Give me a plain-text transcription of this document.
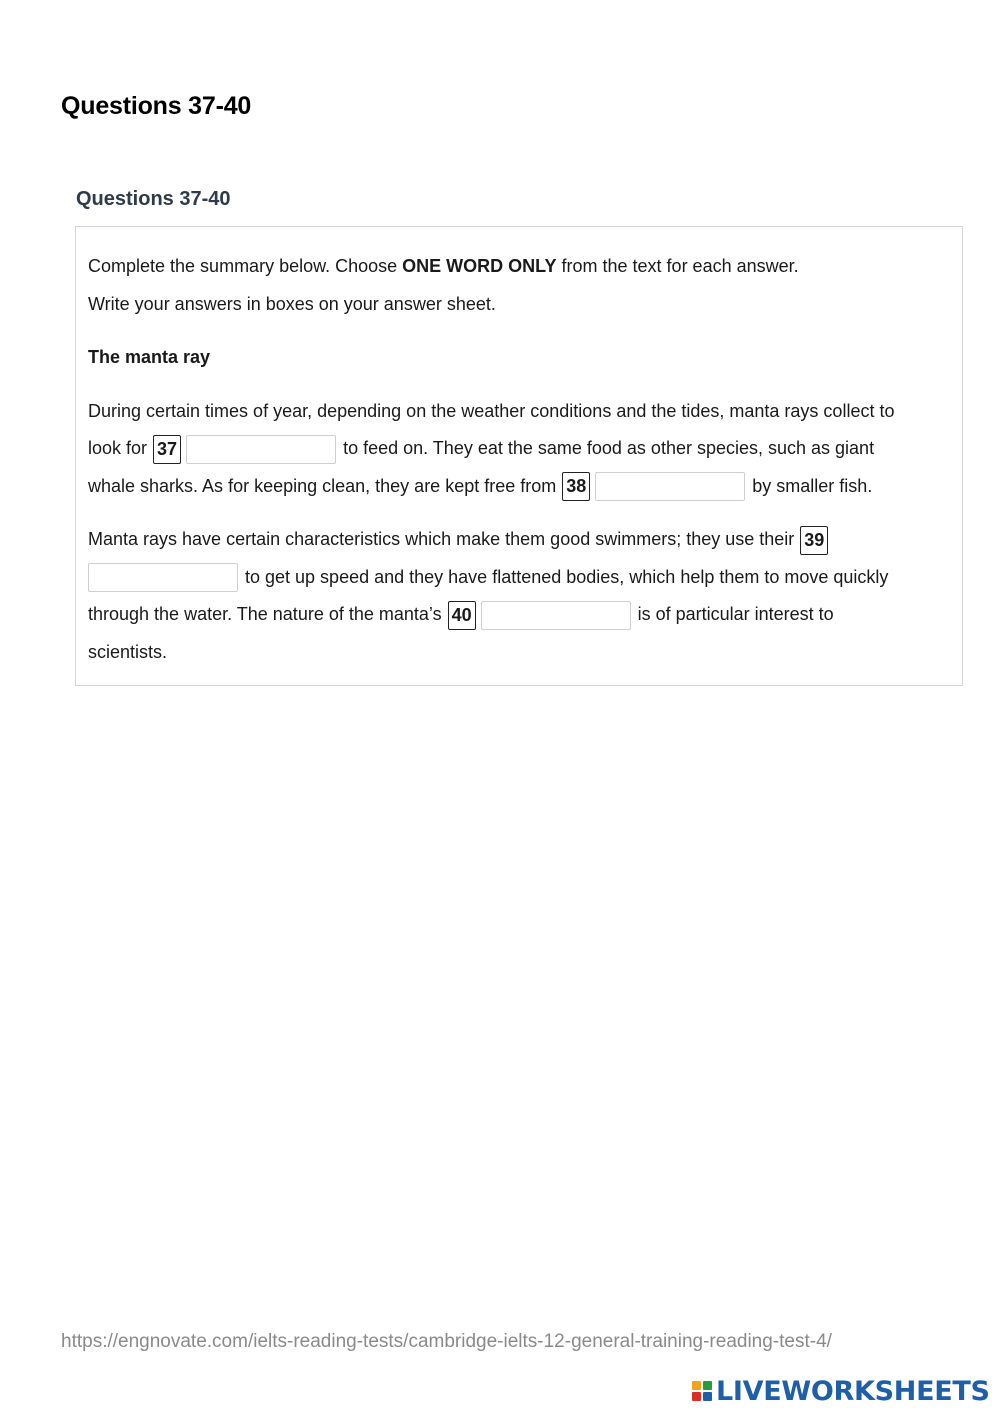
Questions 37-40
Questions 37-40

Complete the summary below. Choose ONE WORD ONLY from the text for each answer.

Write your answers in boxes on your answer sheet.

The manta ray

During certain times of year, depending on the weather conditions and the tides, manta rays collect to

look for 37	to feed on. They eat the same food as other species, such as giant

whale sharks. As for keeping clean, they are kept free from 38	by smaller fish.

Manta rays have certain characteristics which make them good swimmers; they use their 39

to get up speed and they have flattened bodies, which help them to move quickly

through the water. The nature of the manta’s 40	is of particular interest to

scientists.

https://engnovate.com/ielts-reading-tests/cambridge-ielts-12-general-training-reading-test-4/

LIVEWORKSHEETS
